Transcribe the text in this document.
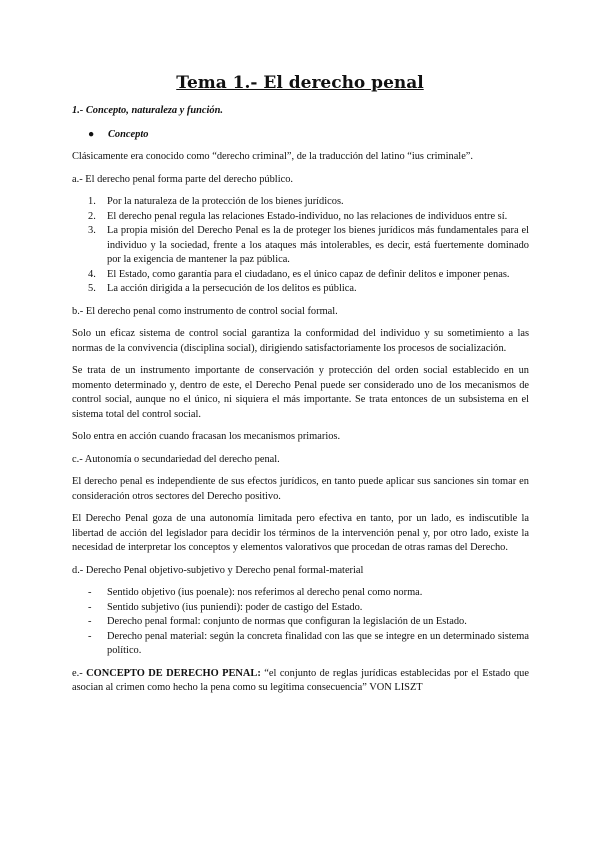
Tema 1.- El derecho penal
1.- Concepto, naturaleza y función.
●	Concepto

Clásicamente era conocido como “derecho criminal”, de la traducción del latino “ius criminale”.

a.- El derecho penal forma parte del derecho público.

1.	Por la naturaleza de la protección de los bienes jurídicos.
2.	El derecho penal regula las relaciones Estado-individuo, no las relaciones de individuos entre sí.
3.	La propia misión del Derecho Penal es la de proteger los bienes jurídicos más fundamentales para el individuo y la sociedad, frente a los ataques más intolerables, es decir, está fuertemente dominado por la exigencia de mantener la paz pública.
4.	El Estado, como garantía para el ciudadano, es el único capaz de definir delitos e imponer penas.
5.	La acción dirigida a la persecución de los delitos es pública.

b.- El derecho penal como instrumento de control social formal.

Solo un eficaz sistema de control social garantiza la conformidad del individuo y su sometimiento a las normas de la convivencia (disciplina social), dirigiendo satisfactoriamente los procesos de socialización.

Se trata de un instrumento importante de conservación y protección del orden social establecido en un momento determinado y, dentro de este, el Derecho Penal puede ser considerado uno de los mecanismos de control social, aunque no el único, ni siquiera el más importante. Se trata entonces de un subsistema en el sistema total del control social.

Solo entra en acción cuando fracasan los mecanismos primarios.

c.- Autonomía o secundariedad del derecho penal.

El derecho penal es independiente de sus efectos jurídicos, en tanto puede aplicar sus sanciones sin tomar en consideración otros sectores del Derecho positivo.

El Derecho Penal goza de una autonomía limitada pero efectiva en tanto, por un lado, es indiscutible la libertad de acción del legislador para decidir los términos de la intervención penal y, por otro lado, existe la necesidad de interpretar los conceptos y elementos valorativos que procedan de otras ramas del Derecho.

d.- Derecho Penal objetivo-subjetivo y Derecho penal formal-material

-	Sentido objetivo (ius poenale): nos referimos al derecho penal como norma.
-	Sentido subjetivo (ius puniendi): poder de castigo del Estado.
-	Derecho penal formal: conjunto de normas que configuran la legislación de un Estado.
-	Derecho penal material: según la concreta finalidad con las que se integre en un determinado sistema político.

e.- CONCEPTO DE DERECHO PENAL: “el conjunto de reglas jurídicas establecidas por el Estado que asocian al crimen como hecho la pena como su legítima consecuencia” VON LISZT
